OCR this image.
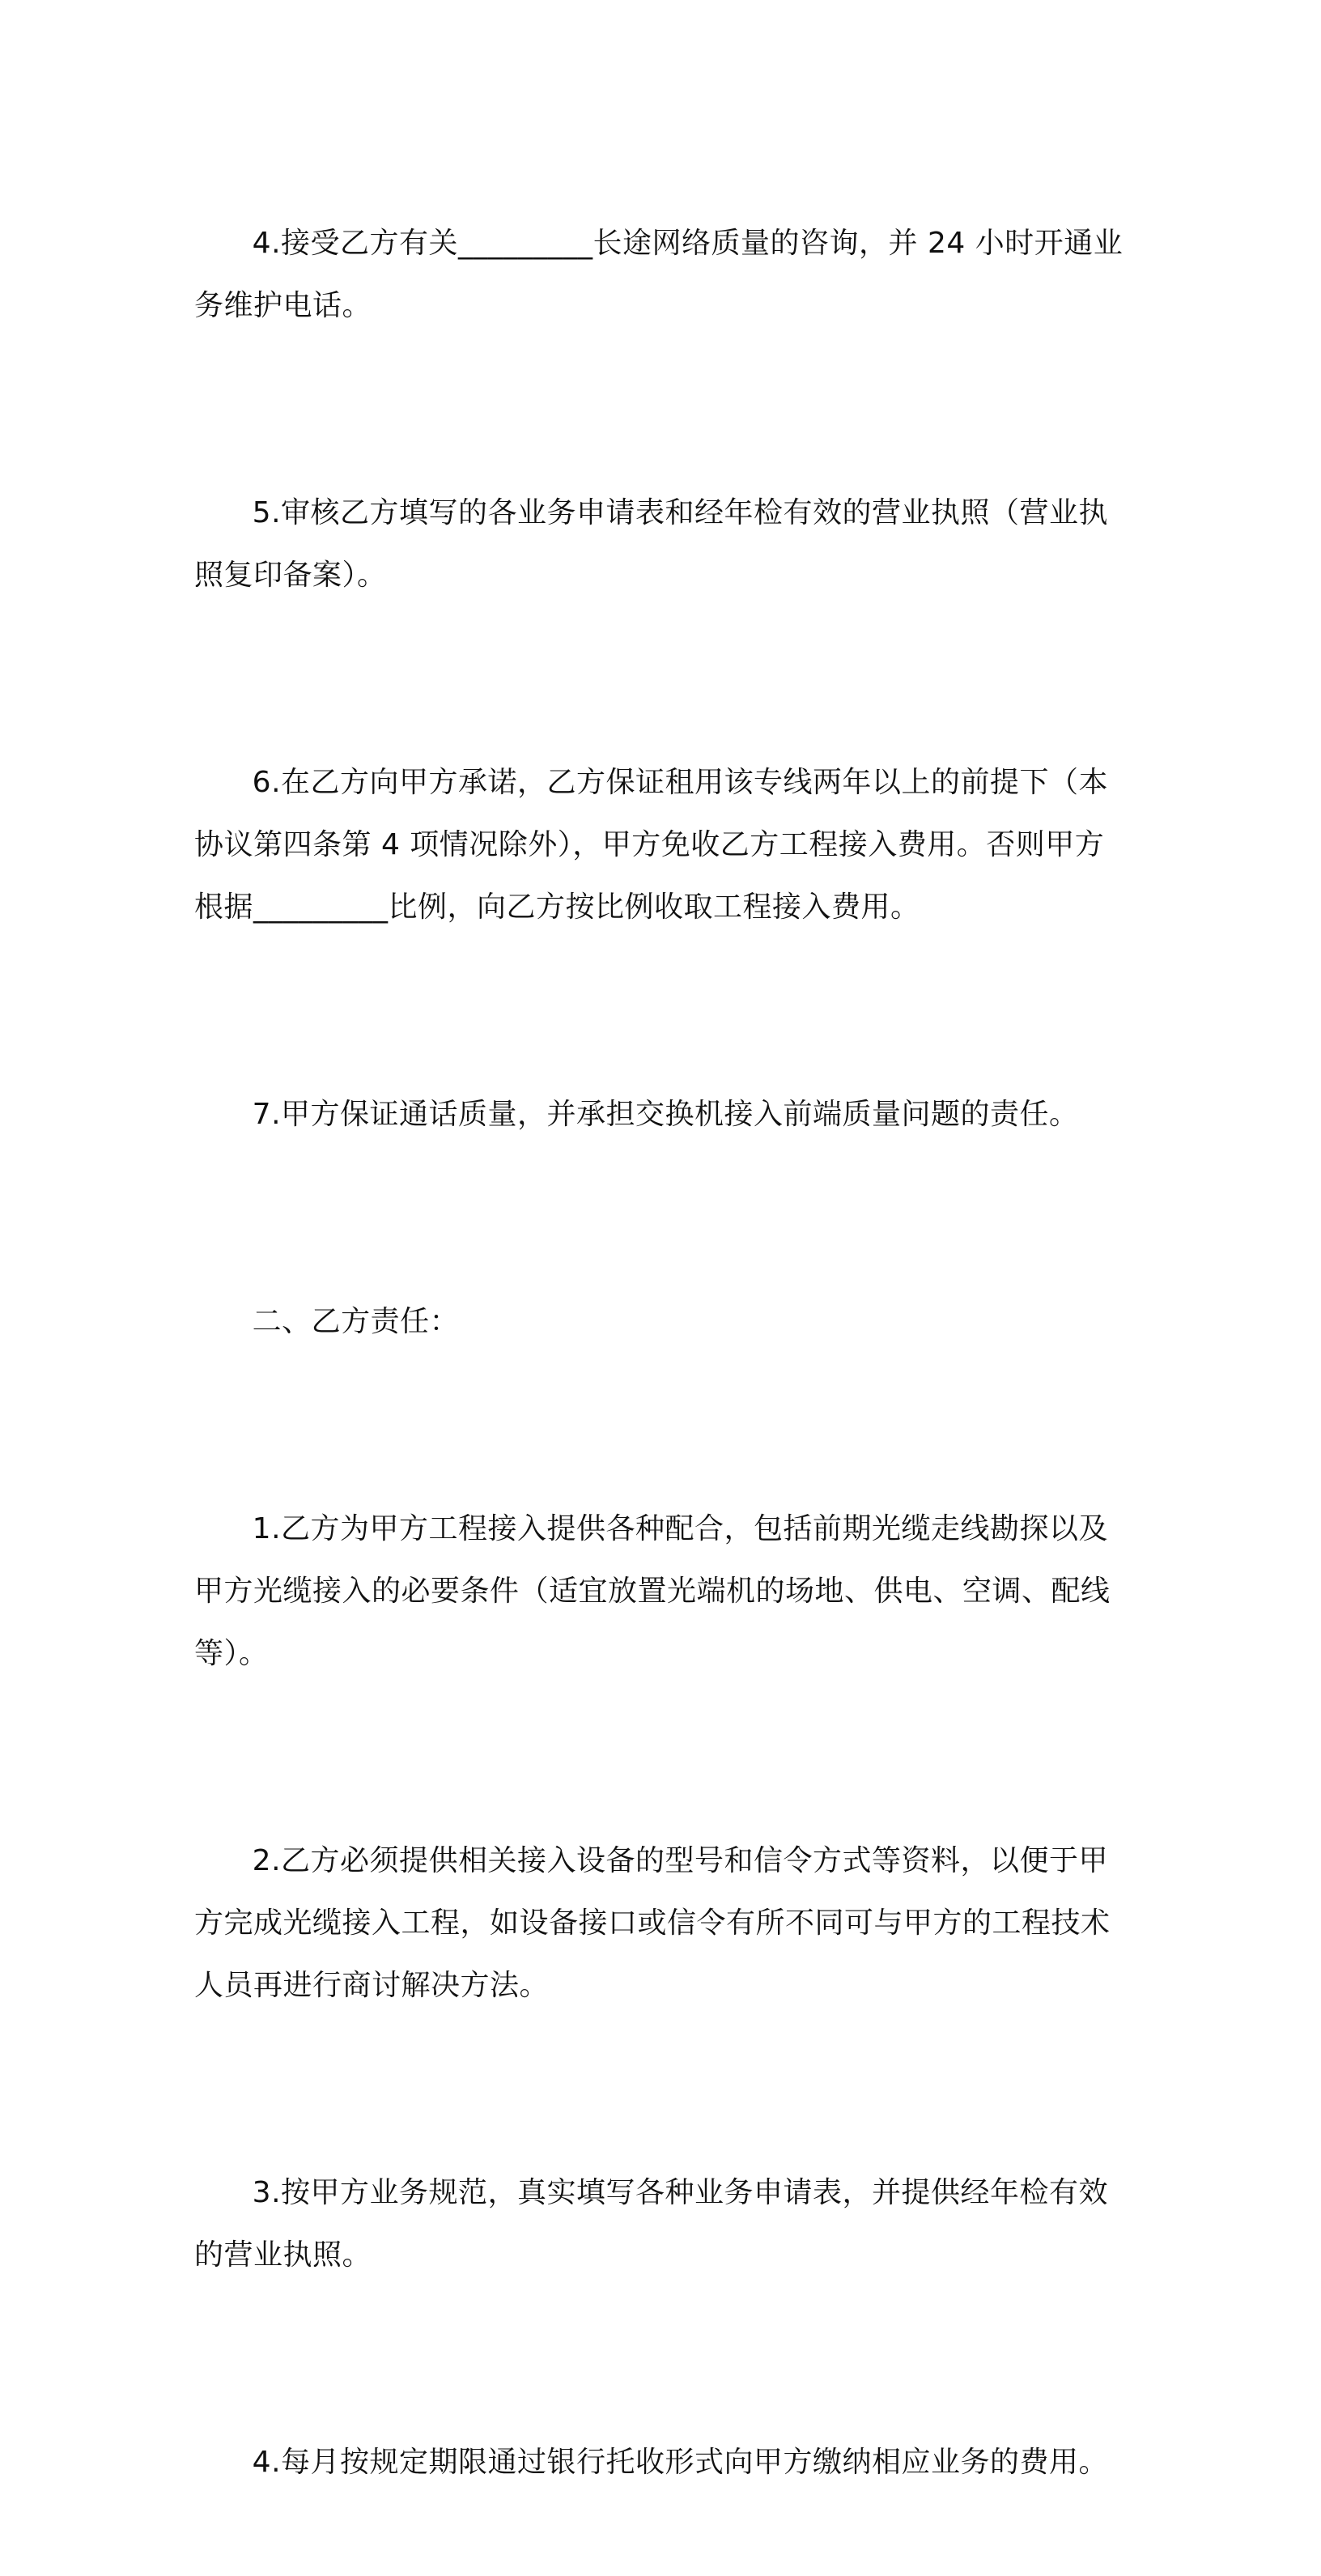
4.接受乙方有关_________长途网络质量的咨询，并 24 小时开通业务维护电话。

5.审核乙方填写的各业务申请表和经年检有效的营业执照（营业执照复印备案）。

6.在乙方向甲方承诺，乙方保证租用该专线两年以上的前提下（本协议第四条第 4 项情况除外），甲方免收乙方工程接入费用。否则甲方根据_________比例，向乙方按比例收取工程接入费用。

7.甲方保证通话质量，并承担交换机接入前端质量问题的责任。

二、乙方责任：

1.乙方为甲方工程接入提供各种配合，包括前期光缆走线勘探以及甲方光缆接入的必要条件（适宜放置光端机的场地、供电、空调、配线等）。

2.乙方必须提供相关接入设备的型号和信令方式等资料，以便于甲方完成光缆接入工程，如设备接口或信令有所不同可与甲方的工程技术人员再进行商讨解决方法。

3.按甲方业务规范，真实填写各种业务申请表，并提供经年检有效的营业执照。

4.每月按规定期限通过银行托收形式向甲方缴纳相应业务的费用。
